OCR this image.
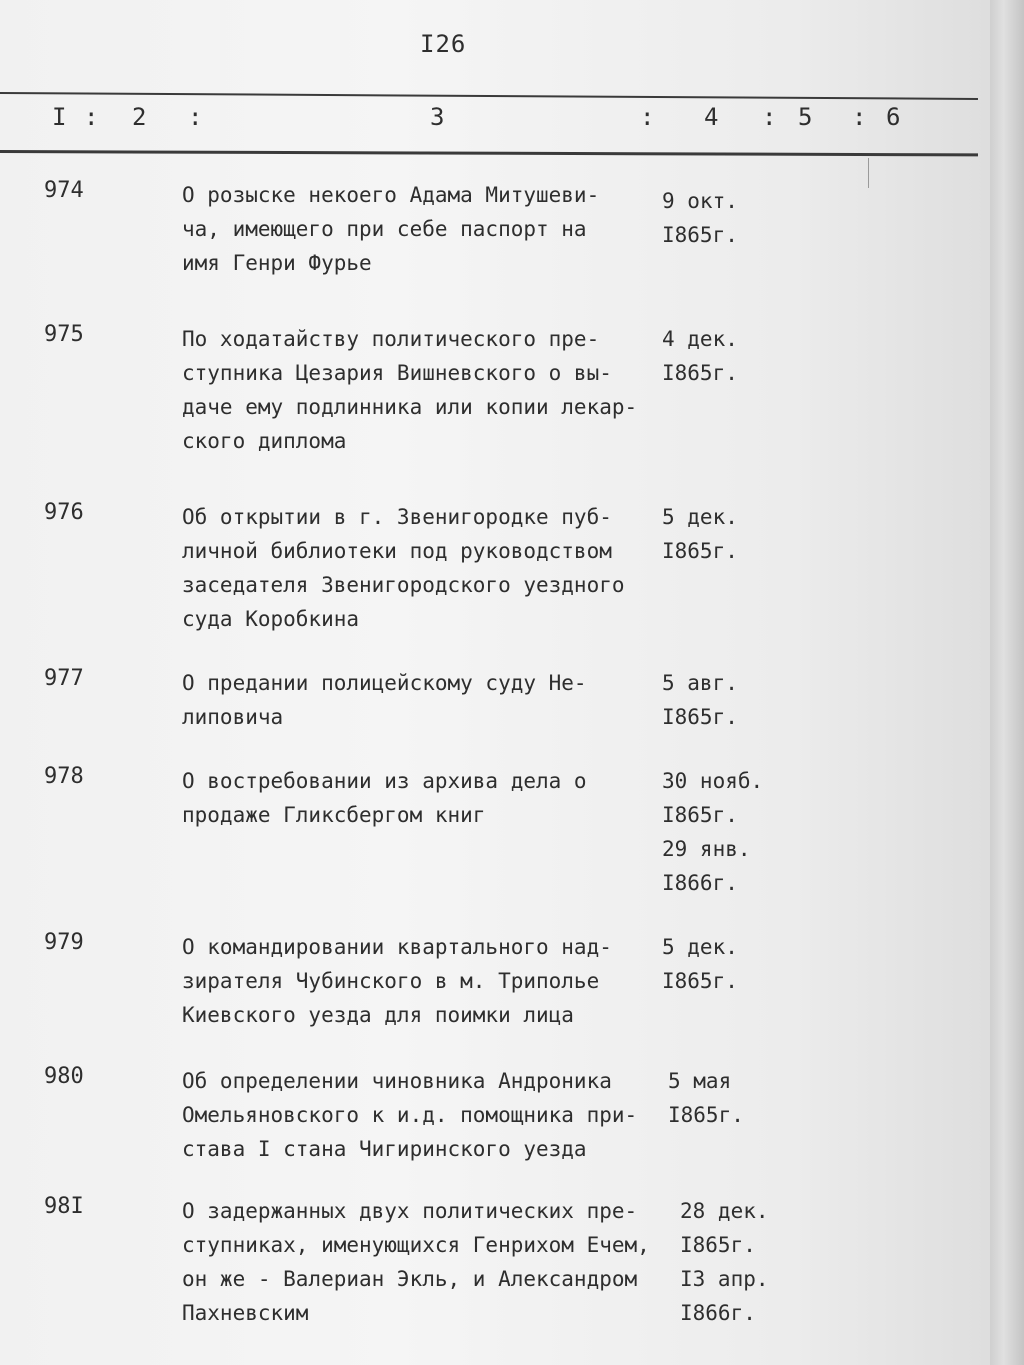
I26
I : 2 :	3	: 4 : 5 : 6
974	О розыске некоего Адама Митушеви-
ча, имеющего при себе паспорт на
имя Генри Фурье
9 окт.
I865г.
975	По ходатайству политического пре-
ступника Цезария Вишневского о вы-
даче ему подлинника или копии лекар-
ского диплома
4 дек.
I865г.
976	Об открытии в г. Звенигородке пуб-
личной библиотеки под руководством
заседателя Звенигородского уездного
суда Коробкина
5 дек.
I865г.
977	О предании полицейскому суду Не-
липовича
5 авг.
I865г.
978	О востребовании из архива дела о
продаже Гликсбергом книг
30 нояб.
I865г.
29 янв.
I866г.
979	О командировании квартального над-
зирателя Чубинского в м. Триполье
Киевского уезда для поимки лица
5 дек.
I865г.
980	Об определении чиновника Андроника
Омельяновского к и.д. помощника при-
става I стана Чигиринского уезда
5 мая
I865г.
98I	О задержанных двух политических пре-
ступниках, именующихся Генрихом Ечем,
он же - Валериан Экль, и Александром
Пахневским
28 дек.
I865г.
I3 апр.
I866г.
